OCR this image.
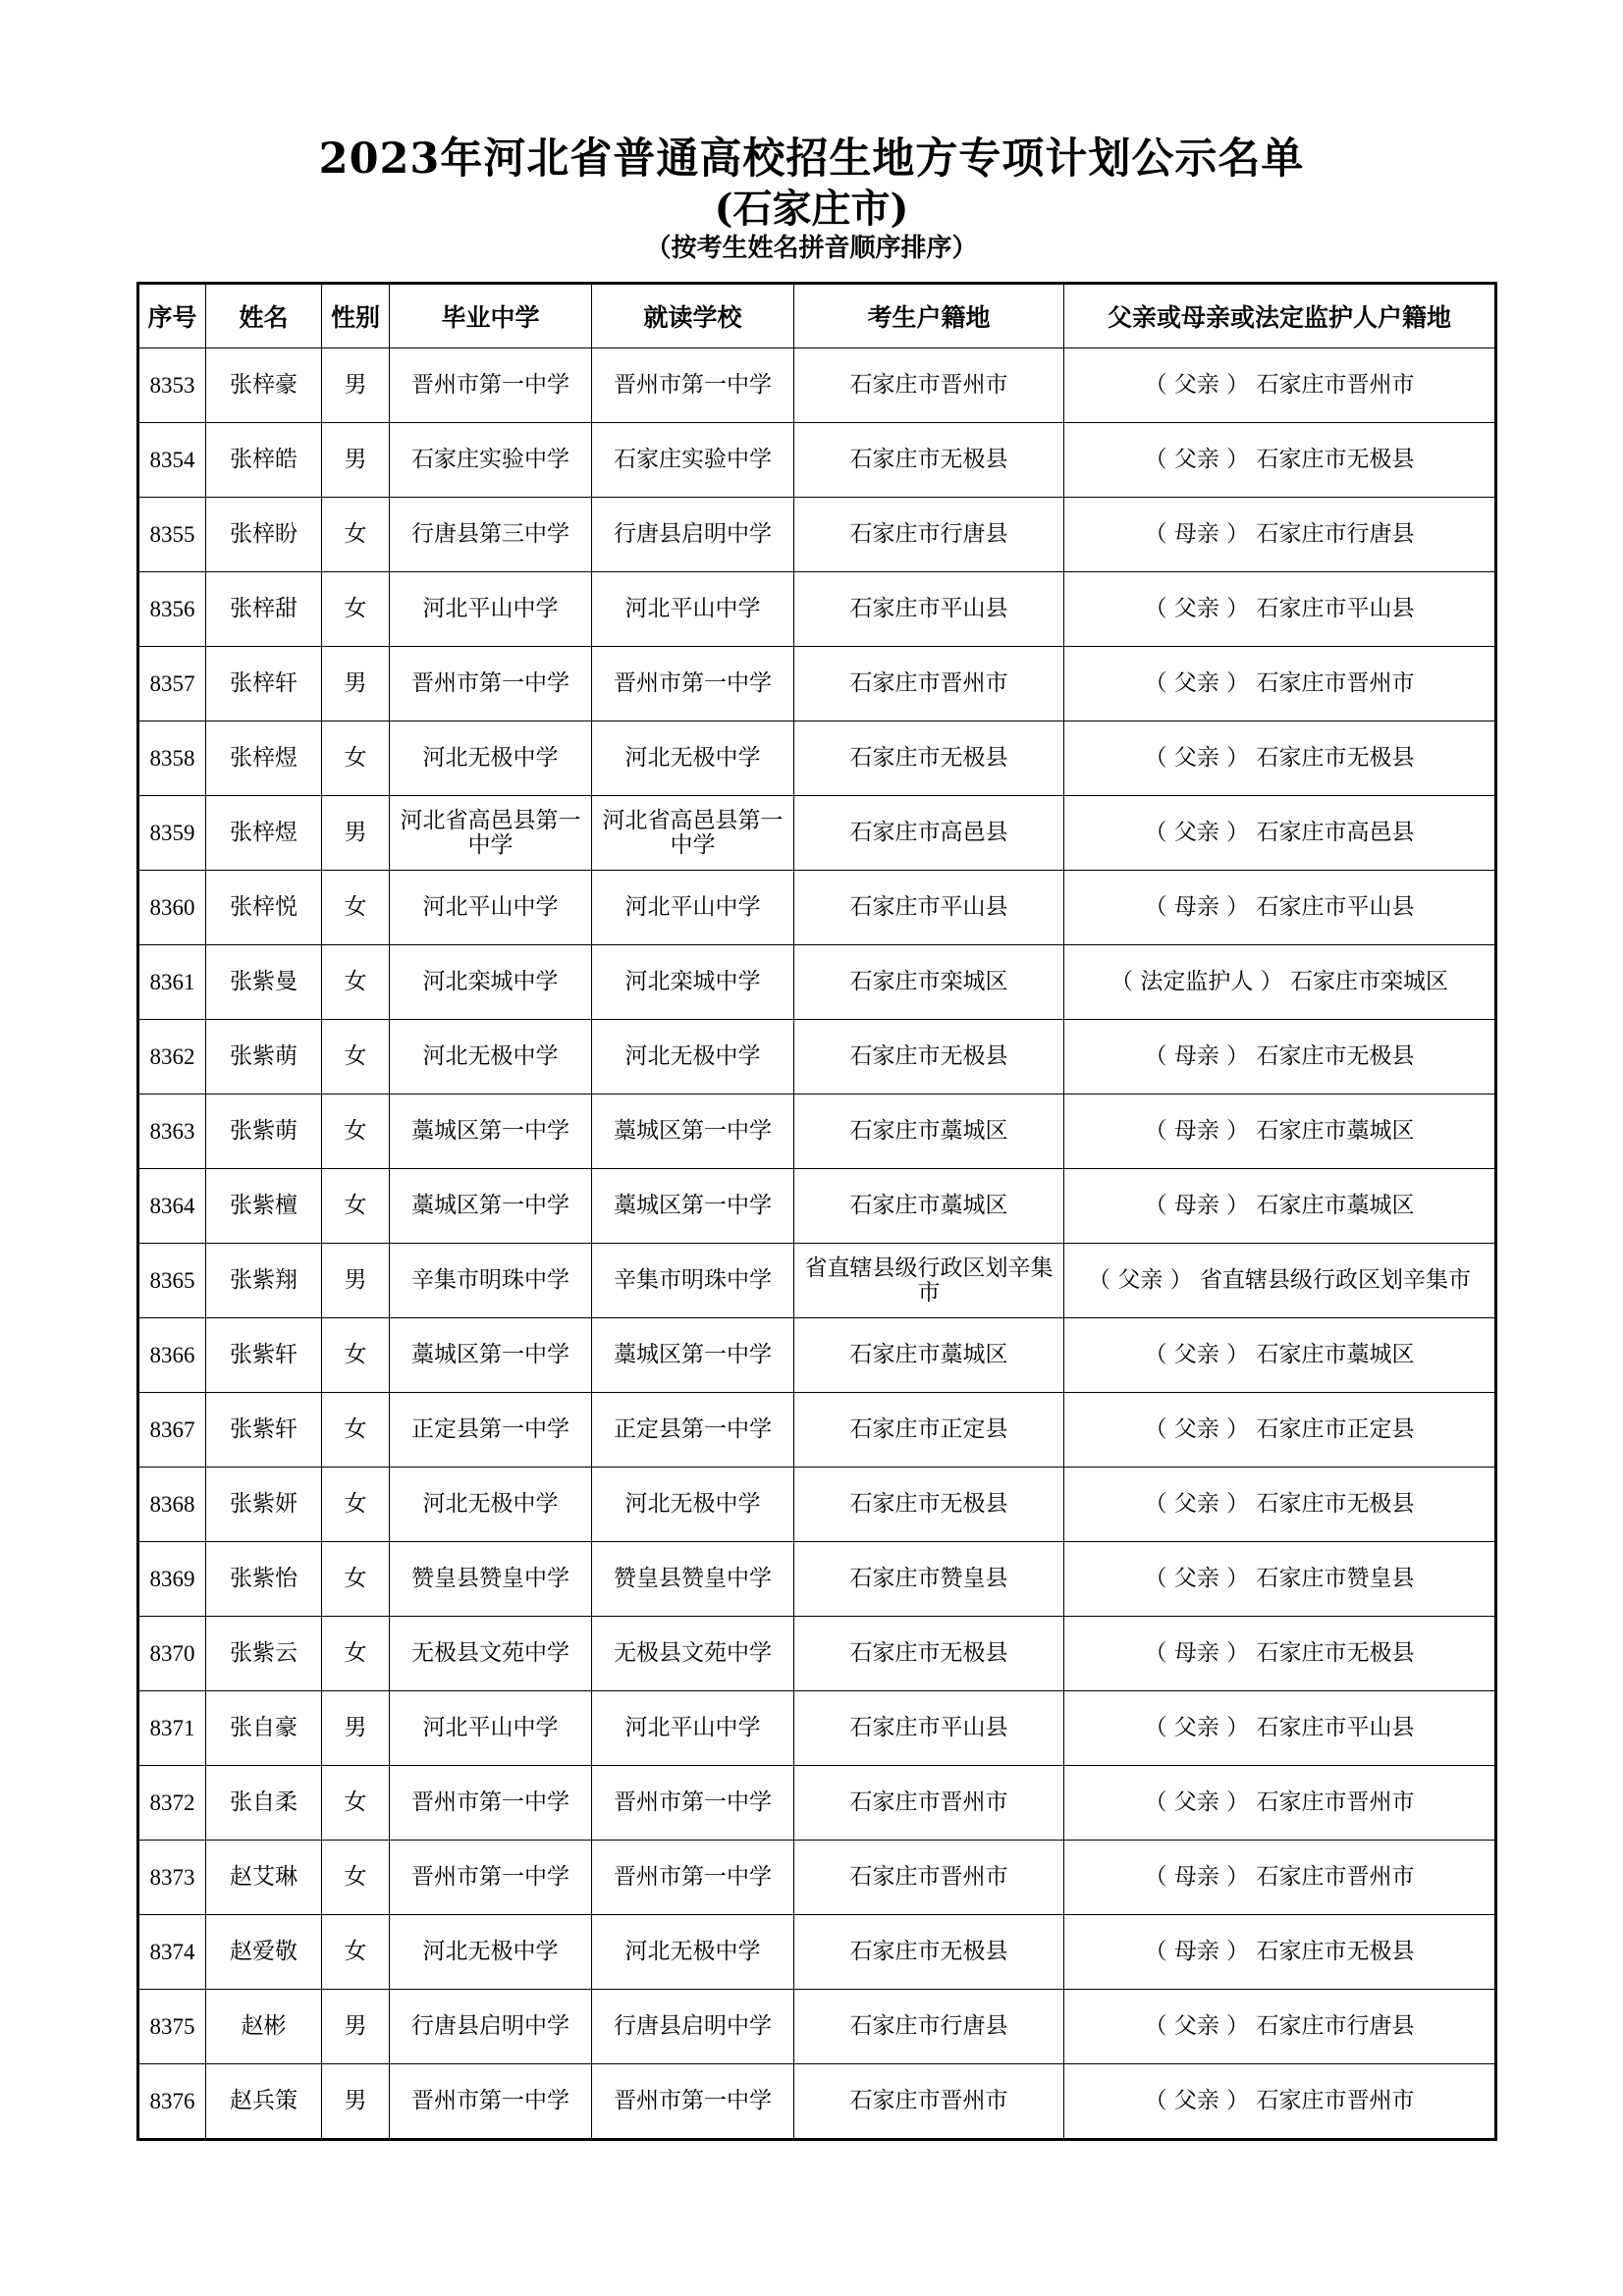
2023年河北省普通高校招生地方专项计划公示名单
(石家庄市)
（按考生姓名拼音顺序排序）
序号	姓名	性别	毕业中学	就读学校	考生户籍地	父亲或母亲或法定监护人户籍地
8353	张梓豪	男	晋州市第一中学	晋州市第一中学	石家庄市晋州市	（ 父亲 ） 石家庄市晋州市
8354	张梓皓	男	石家庄实验中学	石家庄实验中学	石家庄市无极县	（ 父亲 ） 石家庄市无极县
8355	张梓盼	女	行唐县第三中学	行唐县启明中学	石家庄市行唐县	（ 母亲 ） 石家庄市行唐县
8356	张梓甜	女	河北平山中学	河北平山中学	石家庄市平山县	（ 父亲 ） 石家庄市平山县
8357	张梓轩	男	晋州市第一中学	晋州市第一中学	石家庄市晋州市	（ 父亲 ） 石家庄市晋州市
8358	张梓煜	女	河北无极中学	河北无极中学	石家庄市无极县	（ 父亲 ） 石家庄市无极县
8359	张梓煜	男	河北省高邑县第一中学	河北省高邑县第一中学	石家庄市高邑县	（ 父亲 ） 石家庄市高邑县
8360	张梓悦	女	河北平山中学	河北平山中学	石家庄市平山县	（ 母亲 ） 石家庄市平山县
8361	张紫曼	女	河北栾城中学	河北栾城中学	石家庄市栾城区	（ 法定监护人 ） 石家庄市栾城区
8362	张紫萌	女	河北无极中学	河北无极中学	石家庄市无极县	（ 母亲 ） 石家庄市无极县
8363	张紫萌	女	藁城区第一中学	藁城区第一中学	石家庄市藁城区	（ 母亲 ） 石家庄市藁城区
8364	张紫檀	女	藁城区第一中学	藁城区第一中学	石家庄市藁城区	（ 母亲 ） 石家庄市藁城区
8365	张紫翔	男	辛集市明珠中学	辛集市明珠中学	省直辖县级行政区划辛集市	（ 父亲 ） 省直辖县级行政区划辛集市
8366	张紫轩	女	藁城区第一中学	藁城区第一中学	石家庄市藁城区	（ 父亲 ） 石家庄市藁城区
8367	张紫轩	女	正定县第一中学	正定县第一中学	石家庄市正定县	（ 父亲 ） 石家庄市正定县
8368	张紫妍	女	河北无极中学	河北无极中学	石家庄市无极县	（ 父亲 ） 石家庄市无极县
8369	张紫怡	女	赞皇县赞皇中学	赞皇县赞皇中学	石家庄市赞皇县	（ 父亲 ） 石家庄市赞皇县
8370	张紫云	女	无极县文苑中学	无极县文苑中学	石家庄市无极县	（ 母亲 ） 石家庄市无极县
8371	张自豪	男	河北平山中学	河北平山中学	石家庄市平山县	（ 父亲 ） 石家庄市平山县
8372	张自柔	女	晋州市第一中学	晋州市第一中学	石家庄市晋州市	（ 父亲 ） 石家庄市晋州市
8373	赵艾琳	女	晋州市第一中学	晋州市第一中学	石家庄市晋州市	（ 母亲 ） 石家庄市晋州市
8374	赵爱敬	女	河北无极中学	河北无极中学	石家庄市无极县	（ 母亲 ） 石家庄市无极县
8375	赵彬	男	行唐县启明中学	行唐县启明中学	石家庄市行唐县	（ 父亲 ） 石家庄市行唐县
8376	赵兵策	男	晋州市第一中学	晋州市第一中学	石家庄市晋州市	（ 父亲 ） 石家庄市晋州市
